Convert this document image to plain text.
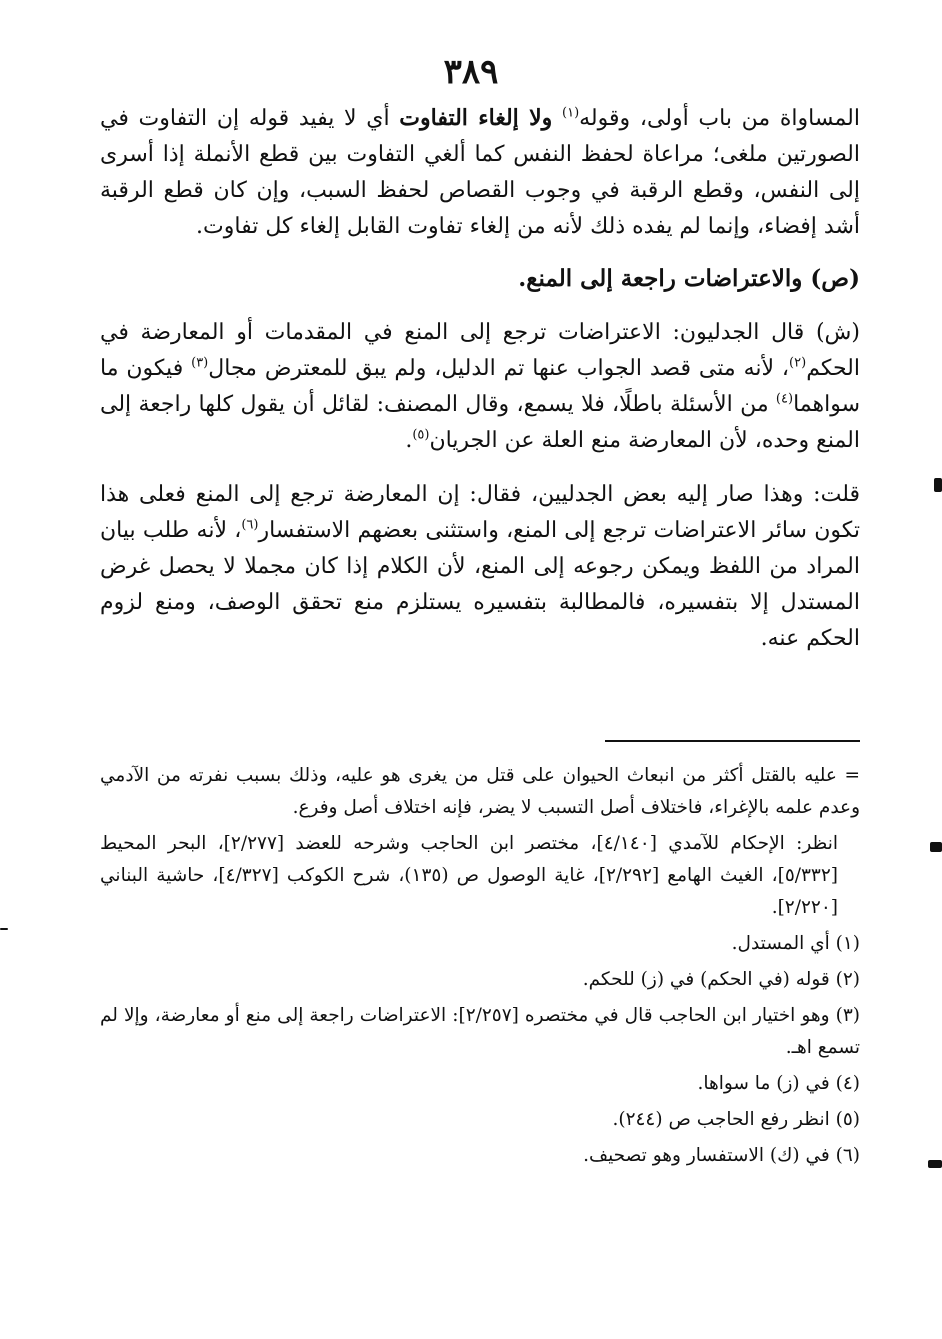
٣٨٩

المساواة من باب أولى، وقوله$^{(١)}$ ولا إلغاء التفاوت أي لا يفيد قوله إن التفاوت في الصورتين ملغى؛ مراعاة لحفظ النفس كما ألغي التفاوت بين قطع الأنملة إذا أسرى إلى النفس، وقطع الرقبة في وجوب القصاص لحفظ السبب، وإن كان قطع الرقبة أشد إفضاء، وإنما لم يفده ذلك لأنه من إلغاء تفاوت القابل إلغاء كل تفاوت.

(ص) والاعتراضات راجعة إلى المنع.

(ش) قال الجدليون: الاعتراضات ترجع إلى المنع في المقدمات أو المعارضة في الحكم$^{(٢)}$، لأنه متى قصد الجواب عنها تم الدليل، ولم يبق للمعترض مجال$^{(٣)}$ فيكون ما سواهما$^{(٤)}$ من الأسئلة باطلًا، فلا يسمع، وقال المصنف: لقائل أن يقول كلها راجعة إلى المنع وحده، لأن المعارضة منع العلة عن الجريان$^{(٥)}$.

قلت: وهذا صار إليه بعض الجدليين، فقال: إن المعارضة ترجع إلى المنع فعلى هذا تكون سائر الاعتراضات ترجع إلى المنع، واستثنى بعضهم الاستفسار$^{(٦)}$، لأنه طلب بيان المراد من اللفظ ويمكن رجوعه إلى المنع، لأن الكلام إذا كان مجملا لا يحصل غرض المستدل إلا بتفسيره، فالمطالبة بتفسيره يستلزم منع تحقق الوصف، ومنع لزوم الحكم عنه.

= عليه بالقتل أكثر من انبعاث الحيوان على قتل من يغرى هو عليه، وذلك بسبب نفرته من الآدمي وعدم علمه بالإغراء، فاختلاف أصل التسبب لا يضر، فإنه اختلاف أصل وفرع.

انظر: الإحكام للآمدي [٤/١٤٠]، مختصر ابن الحاجب وشرحه للعضد [٢/٢٧٧]، البحر المحيط [٥/٣٣٢]، الغيث الهامع [٢/٢٩٢]، غاية الوصول ص (١٣٥)، شرح الكوكب [٤/٣٢٧]، حاشية البناني [٢/٢٢٠].

(١) أي المستدل.

(٢) قوله (في الحكم) في (ز) للحكم.

(٣) وهو اختيار ابن الحاجب قال في مختصره [٢/٢٥٧]: الاعتراضات راجعة إلى منع أو معارضة، وإلا لم تسمع اهـ.

(٤) في (ز) ما سواها.

(٥) انظر رفع الحاجب ص (٢٤٤).

(٦) في (ك) الاستفسار وهو تصحيف.
